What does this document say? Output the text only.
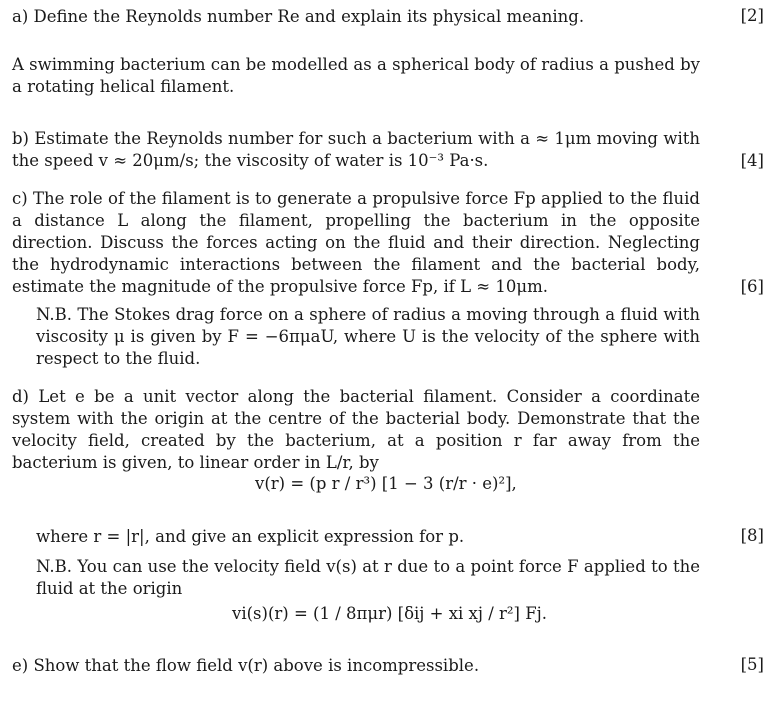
a) Define the Reynolds number Re and explain its physical meaning.	[2]
A swimming bacterium can be modelled as a spherical body of radius a pushed by a rotating helical filament.
b) Estimate the Reynolds number for such a bacterium with a ≈ 1μm moving with the speed v ≈ 20μm/s; the viscosity of water is 10⁻³ Pa·s.	[4]
c) The role of the filament is to generate a propulsive force Fp applied to the fluid a distance L along the filament, propelling the bacterium in the opposite direction. Discuss the forces acting on the fluid and their direction. Neglecting the hydrodynamic interactions between the filament and the bacterial body, estimate the magnitude of the propulsive force Fp, if L ≈ 10μm.	[6]
N.B. The Stokes drag force on a sphere of radius a moving through a fluid with viscosity μ is given by F = −6πμaU, where U is the velocity of the sphere with respect to the fluid.
d) Let e be a unit vector along the bacterial filament. Consider a coordinate system with the origin at the centre of the bacterial body. Demonstrate that the velocity field, created by the bacterium, at a position r far away from the bacterium is given, to linear order in L/r, by
v(r) = (p r / r³) [1 − 3 (r/r · e)²],
where r = |r|, and give an explicit expression for p.	[8]
N.B. You can use the velocity field v(s) at r due to a point force F applied to the fluid at the origin
vi(s)(r) = (1 / 8πμr) [δij + xi xj / r²] Fj.
e) Show that the flow field v(r) above is incompressible.	[5]
